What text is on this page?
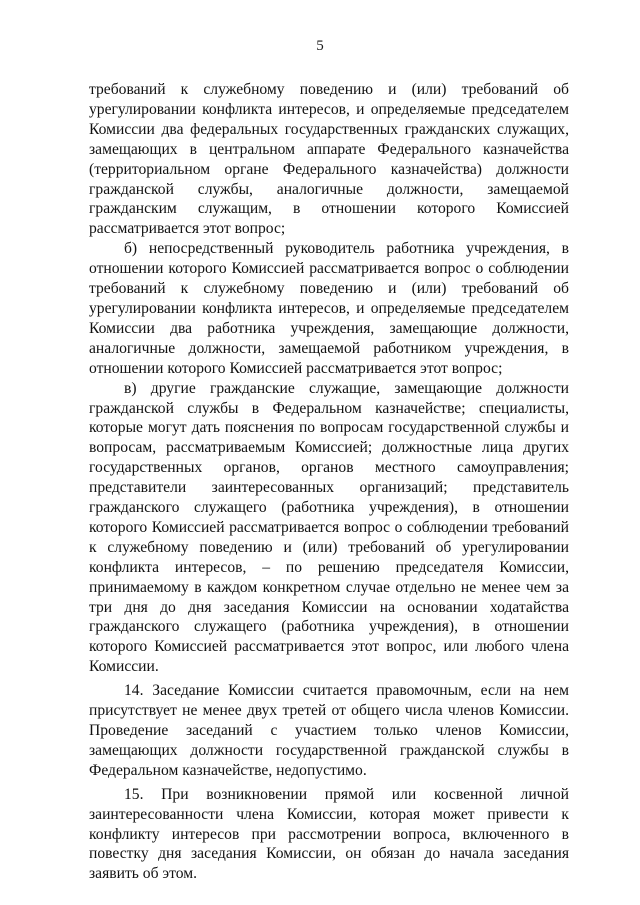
5

требований к служебному поведению и (или) требований об урегулировании конфликта интересов, и определяемые председателем Комиссии два федеральных государственных гражданских служащих, замещающих в центральном аппарате Федерального казначейства (территориальном органе Федерального казначейства) должности гражданской службы, аналогичные должности, замещаемой гражданским служащим, в отношении которого Комиссией рассматривается этот вопрос;

б) непосредственный руководитель работника учреждения, в отношении которого Комиссией рассматривается вопрос о соблюдении требований к служебному поведению и (или) требований об урегулировании конфликта интересов, и определяемые председателем Комиссии два работника учреждения, замещающие должности, аналогичные должности, замещаемой работником учреждения, в отношении которого Комиссией рассматривается этот вопрос;

в) другие гражданские служащие, замещающие должности гражданской службы в Федеральном казначействе; специалисты, которые могут дать пояснения по вопросам государственной службы и вопросам, рассматриваемым Комиссией; должностные лица других государственных органов, органов местного самоуправления; представители заинтересованных организаций; представитель гражданского служащего (работника учреждения), в отношении которого Комиссией рассматривается вопрос о соблюдении требований к служебному поведению и (или) требований об урегулировании конфликта интересов, – по решению председателя Комиссии, принимаемому в каждом конкретном случае отдельно не менее чем за три дня до дня заседания Комиссии на основании ходатайства гражданского служащего (работника учреждения), в отношении которого Комиссией рассматривается этот вопрос, или любого члена Комиссии.

14. Заседание Комиссии считается правомочным, если на нем присутствует не менее двух третей от общего числа членов Комиссии. Проведение заседаний с участием только членов Комиссии, замещающих должности государственной гражданской службы в Федеральном казначействе, недопустимо.

15. При возникновении прямой или косвенной личной заинтересованности члена Комиссии, которая может привести к конфликту интересов при рассмотрении вопроса, включенного в повестку дня заседания Комиссии, он обязан до начала заседания заявить об этом.
